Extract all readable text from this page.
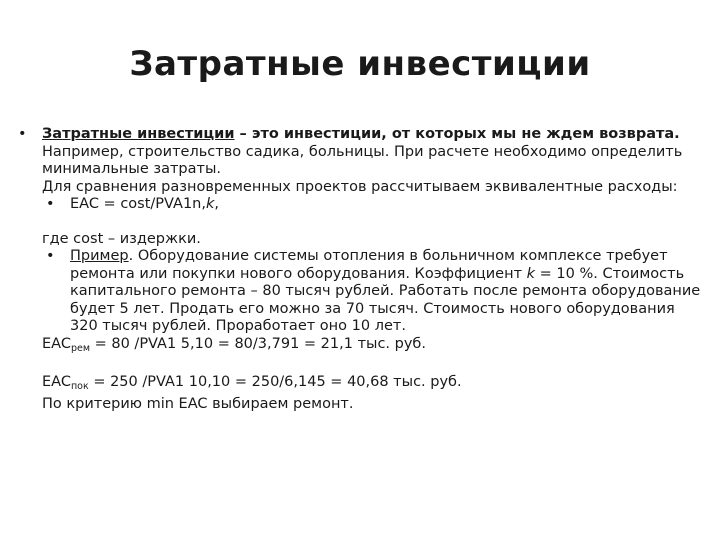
Затратные инвестиции
• Затратные инвестиции – это инвестиции, от которых мы не ждем возврата.
Например, строительство садика, больницы. При расчете необходимо определить минимальные затраты.
Для сравнения разновременных проектов рассчитываем эквивалентные расходы:
• EAC = cost/PVA1n,k,
где cost – издержки.
• Пример. Оборудование системы отопления в больничном комплексе требует ремонта или покупки нового оборудования. Коэффициент k = 10 %. Стоимость капитального ремонта – 80 тысяч рублей. Работать после ремонта оборудование будет 5 лет. Продать его можно за 70 тысяч. Стоимость нового оборудования 320 тысяч рублей. Проработает оно 10 лет.
$EAC_{рем} = 80$ /PVA1 5,10 = 80/3,791 = 21,1 тыс. руб.
$EAC_{пок} = 250$ /PVA1 10,10 = 250/6,145 = 40,68 тыс. руб.
По критерию min EAC выбираем ремонт.
